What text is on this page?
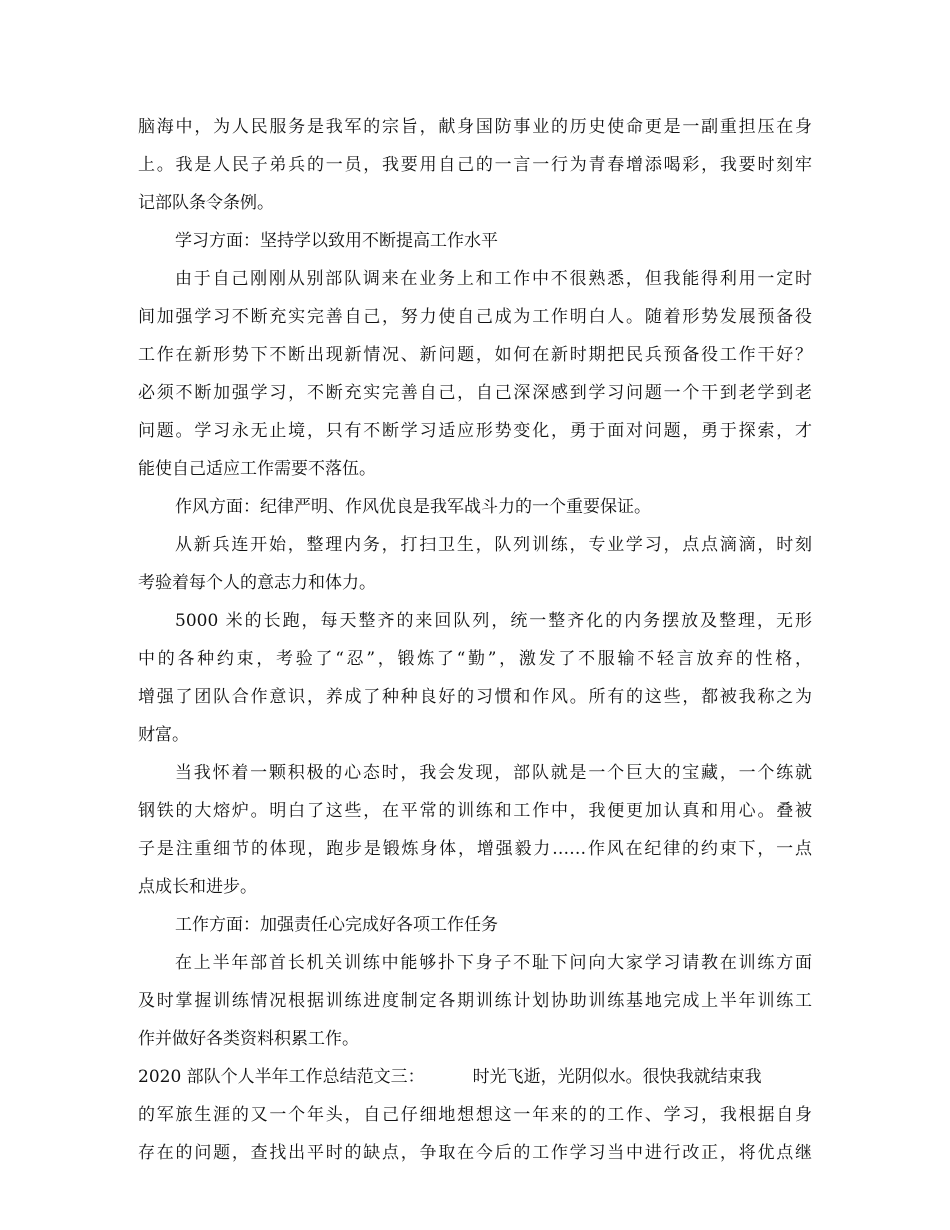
脑海中，为人民服务是我军的宗旨，献身国防事业的历史使命更是一副重担压在身
上。我是人民子弟兵的一员，我要用自己的一言一行为青春增添喝彩，我要时刻牢
记部队条令条例。
学习方面：坚持学以致用不断提高工作水平
由于自己刚刚从别部队调来在业务上和工作中不很熟悉，但我能得利用一定时
间加强学习不断充实完善自己，努力使自己成为工作明白人。随着形势发展预备役
工作在新形势下不断出现新情况、新问题，如何在新时期把民兵预备役工作干好？
必须不断加强学习，不断充实完善自己，自己深深感到学习问题一个干到老学到老
问题。学习永无止境，只有不断学习适应形势变化，勇于面对问题，勇于探索，才
能使自己适应工作需要不落伍。
作风方面：纪律严明、作风优良是我军战斗力的一个重要保证。
从新兵连开始，整理内务，打扫卫生，队列训练，专业学习，点点滴滴，时刻
考验着每个人的意志力和体力。
5000 米的长跑，每天整齐的来回队列，统一整齐化的内务摆放及整理，无形
中的各种约束，考验了“忍”，锻炼了“勤”，激发了不服输不轻言放弃的性格，
增强了团队合作意识，养成了种种良好的习惯和作风。所有的这些，都被我称之为
财富。
当我怀着一颗积极的心态时，我会发现，部队就是一个巨大的宝藏，一个练就
钢铁的大熔炉。明白了这些，在平常的训练和工作中，我便更加认真和用心。叠被
子是注重细节的体现，跑步是锻炼身体，增强毅力……作风在纪律的约束下，一点
点成长和进步。
工作方面：加强责任心完成好各项工作任务
在上半年部首长机关训练中能够扑下身子不耻下问向大家学习请教在训练方面
及时掌握训练情况根据训练进度制定各期训练计划协助训练基地完成上半年训练工
作并做好各类资料积累工作。
2020 部队个人半年工作总结范文三：	时光飞逝，光阴似水。很快我就结束我
的军旅生涯的又一个年头，自己仔细地想想这一年来的的工作、学习，我根据自身
存在的问题，查找出平时的缺点，争取在今后的工作学习当中进行改正，将优点继
